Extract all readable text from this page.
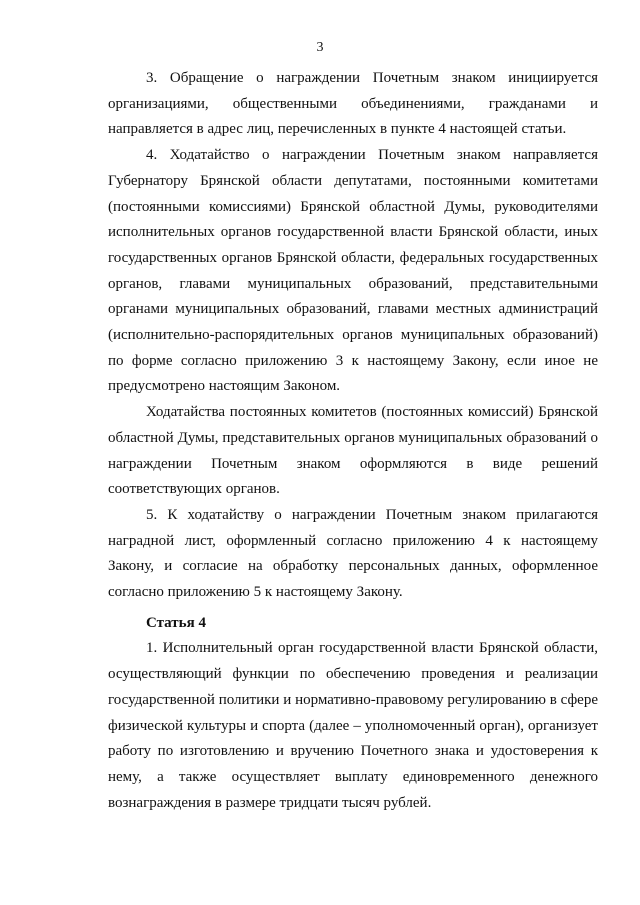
3

3. Обращение о награждении Почетным знаком инициируется организациями, общественными объединениями, гражданами и направляется в адрес лиц, перечисленных в пункте 4 настоящей статьи.

4. Ходатайство о награждении Почетным знаком направляется Губернатору Брянской области депутатами, постоянными комитетами (постоянными комиссиями) Брянской областной Думы, руководителями исполнительных органов государственной власти Брянской области, иных государственных органов Брянской области, федеральных государственных органов, главами муниципальных образований, представительными органами муниципальных образований, главами местных администраций (исполнительно-распорядительных органов муниципальных образований) по форме согласно приложению 3 к настоящему Закону, если иное не предусмотрено настоящим Законом.

Ходатайства постоянных комитетов (постоянных комиссий) Брянской областной Думы, представительных органов муниципальных образований о награждении Почетным знаком оформляются в виде решений соответствующих органов.

5. К ходатайству о награждении Почетным знаком прилагаются наградной лист, оформленный согласно приложению 4 к настоящему Закону, и согласие на обработку персональных данных, оформленное согласно приложению 5 к настоящему Закону.

Статья 4

1. Исполнительный орган государственной власти Брянской области, осуществляющий функции по обеспечению проведения и реализации государственной политики и нормативно-правовому регулированию в сфере физической культуры и спорта (далее – уполномоченный орган), организует работу по изготовлению и вручению Почетного знака и удостоверения к нему, а также осуществляет выплату единовременного денежного вознаграждения в размере тридцати тысяч рублей.
